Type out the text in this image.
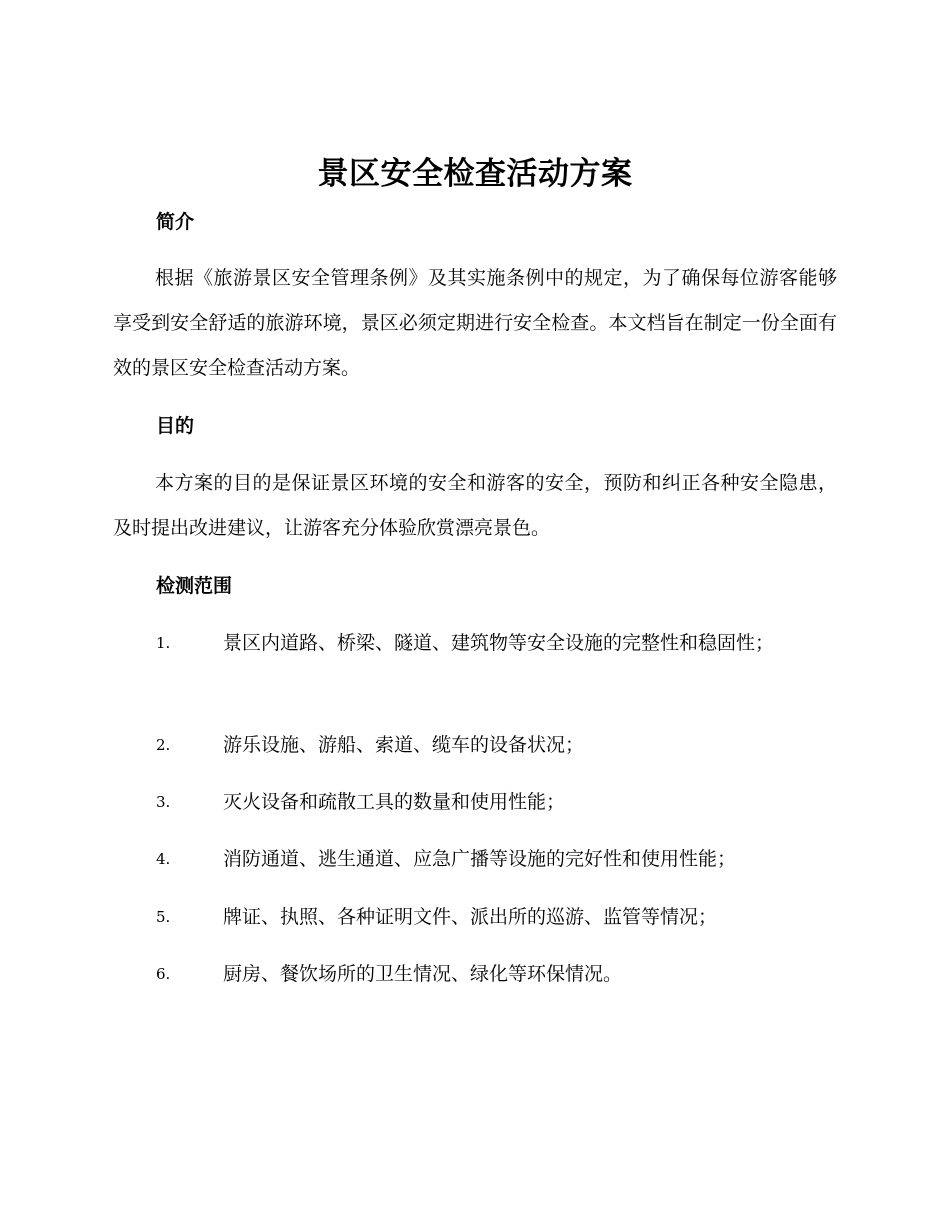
景区安全检查活动方案
简介
根据《旅游景区安全管理条例》及其实施条例中的规定，为了确保每位游客能够享受到安全舒适的旅游环境，景区必须定期进行安全检查。本文档旨在制定一份全面有效的景区安全检查活动方案。
目的
本方案的目的是保证景区环境的安全和游客的安全，预防和纠正各种安全隐患，及时提出改进建议，让游客充分体验欣赏漂亮景色。
检测范围
1.	景区内道路、桥梁、隧道、建筑物等安全设施的完整性和稳固性；
2.	游乐设施、游船、索道、缆车的设备状况；
3.	灭火设备和疏散工具的数量和使用性能；
4.	消防通道、逃生通道、应急广播等设施的完好性和使用性能；
5.	牌证、执照、各种证明文件、派出所的巡游、监管等情况；
6.	厨房、餐饮场所的卫生情况、绿化等环保情况。
